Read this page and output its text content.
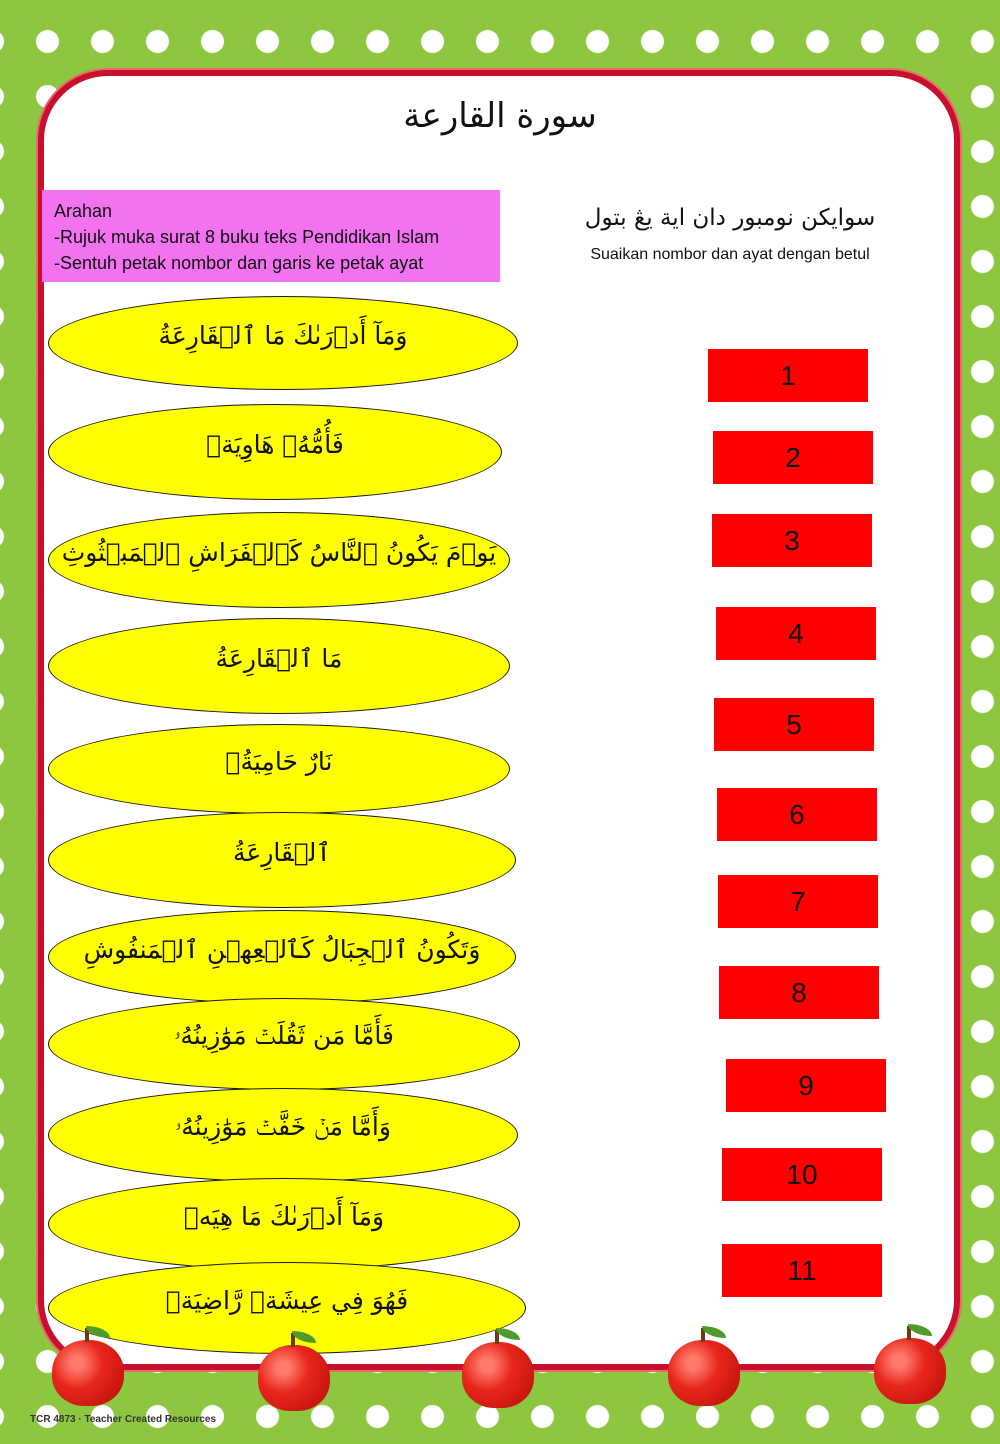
سورة القارعة
Arahan
-Rujuk muka surat 8 buku teks Pendidikan Islam
-Sentuh petak nombor dan garis ke petak ayat
سوايکن نومبور دان اية يڠ بتول
Suaikan nombor dan ayat dengan betul
وَمَآ أَدۡرَىٰكَ مَا ٱلۡقَارِعَةُ
فَأُمُّهُۥ هَاوِيَةٞ
يَوۡمَ يَكُونُ ٱلنَّاسُ كَٱلۡفَرَاشِ ٱلۡمَبۡثُوثِ
مَا ٱلۡقَارِعَةُ
نَارٌ حَامِيَةُۢ
ٱلۡقَارِعَةُ
وَتَكُونُ ٱلۡجِبَالُ كَٱلۡعِهۡنِ ٱلۡمَنفُوشِ
فَأَمَّا مَن ثَقُلَتۡ مَوَٰزِينُهُۥ
وَأَمَّا مَنۡ خَفَّتۡ مَوَٰزِينُهُۥ
وَمَآ أَدۡرَىٰكَ مَا هِيَهۡ
فَهُوَ فِي عِيشَةٖ رَّاضِيَةٖ
1
2
3
4
5
6
7
8
9
10
11
TCR 4873 · Teacher Created Resources
